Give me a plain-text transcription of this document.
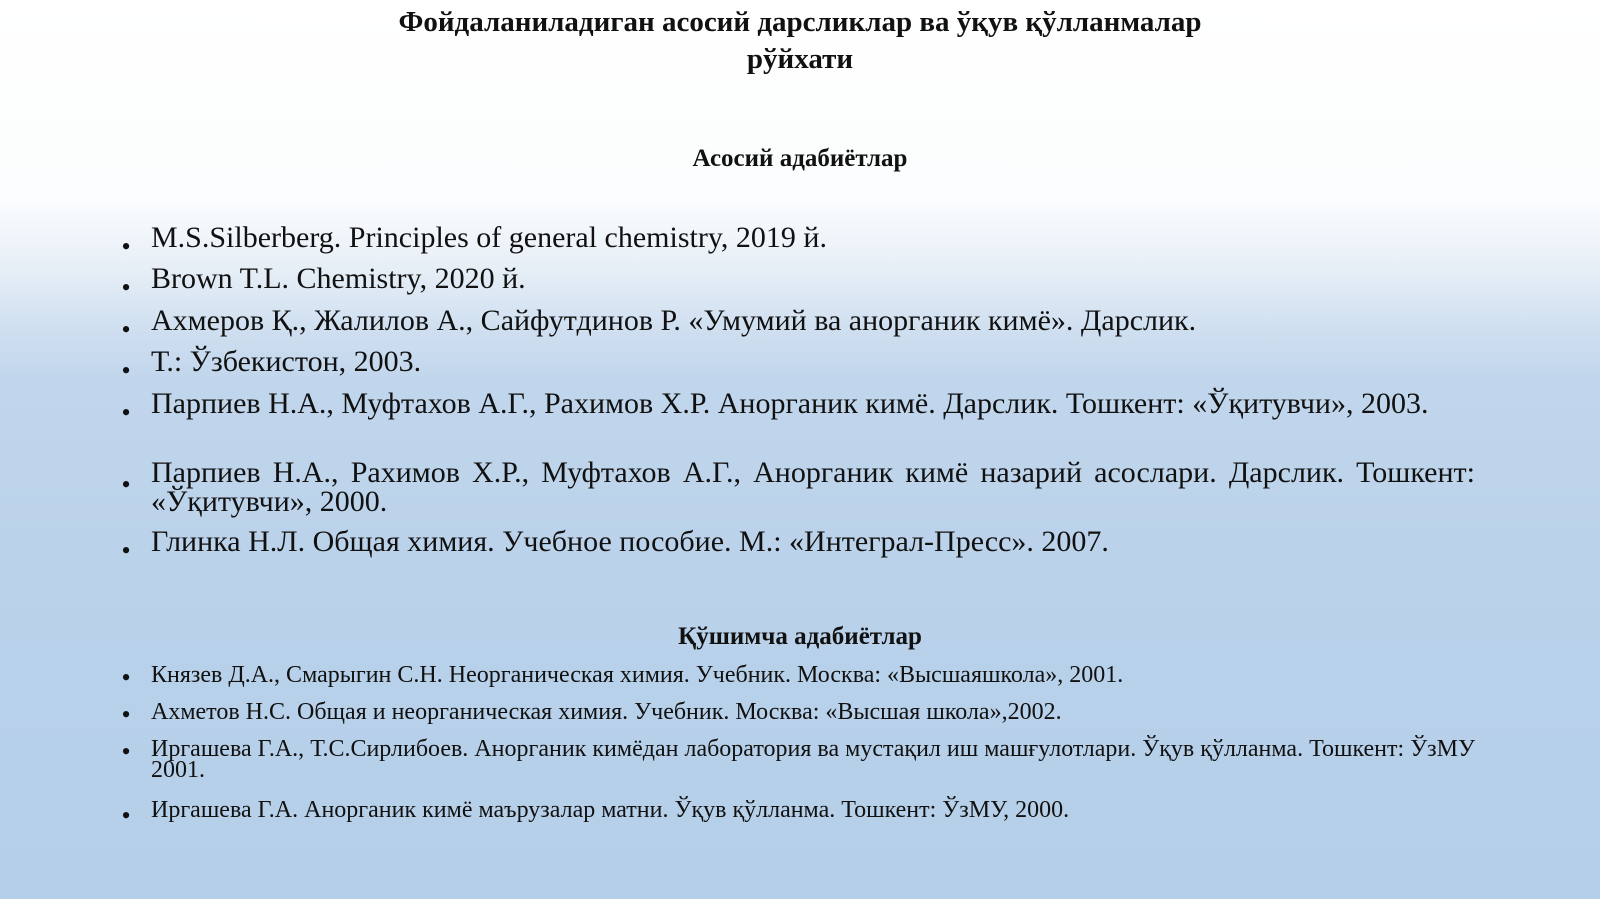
Фойдаланиладиган асосий дарсликлар ва ўқув қўлланмалар
рўйхати
Асосий адабиётлар
• M.S.Silberberg. Principles of general chemistry, 2019 й.
• Brown T.L. Chemistry, 2020 й.
• Ахмеров Қ., Жалилов А., Сайфутдинов Р. «Умумий ва анорганик кимё». Дарслик.
• Т.: Ўзбекистон, 2003.
• Парпиев Н.А., Муфтахов А.Г., Рахимов Х.Р. Анорганик кимё. Дарслик. Тошкент: «Ўқитувчи», 2003.
• Парпиев Н.А., Рахимов Х.Р., Муфтахов А.Г., Анорганик кимё назарий асослари. Дарслик. Тошкент: «Ўқитувчи», 2000.
• Глинка Н.Л. Общая химия. Учебное пособие. М.: «Интеграл-Пресс». 2007.
Қўшимча адабиётлар
• Князев Д.А., Смарыгин С.Н. Неорганическая химия. Учебник. Москва: «Высшаяшкола», 2001.
• Ахметов Н.С. Общая и неорганическая химия. Учебник. Москва: «Высшая школа»,2002.
• Иргашева Г.А., Т.С.Сирлибоев. Анорганик кимёдан лаборатория ва мустақил иш машғулотлари. Ўқув қўлланма. Тошкент: ЎзМУ 2001.
• Иргашева Г.А. Анорганик кимё маърузалар матни. Ўқув қўлланма. Тошкент: ЎзМУ, 2000.
